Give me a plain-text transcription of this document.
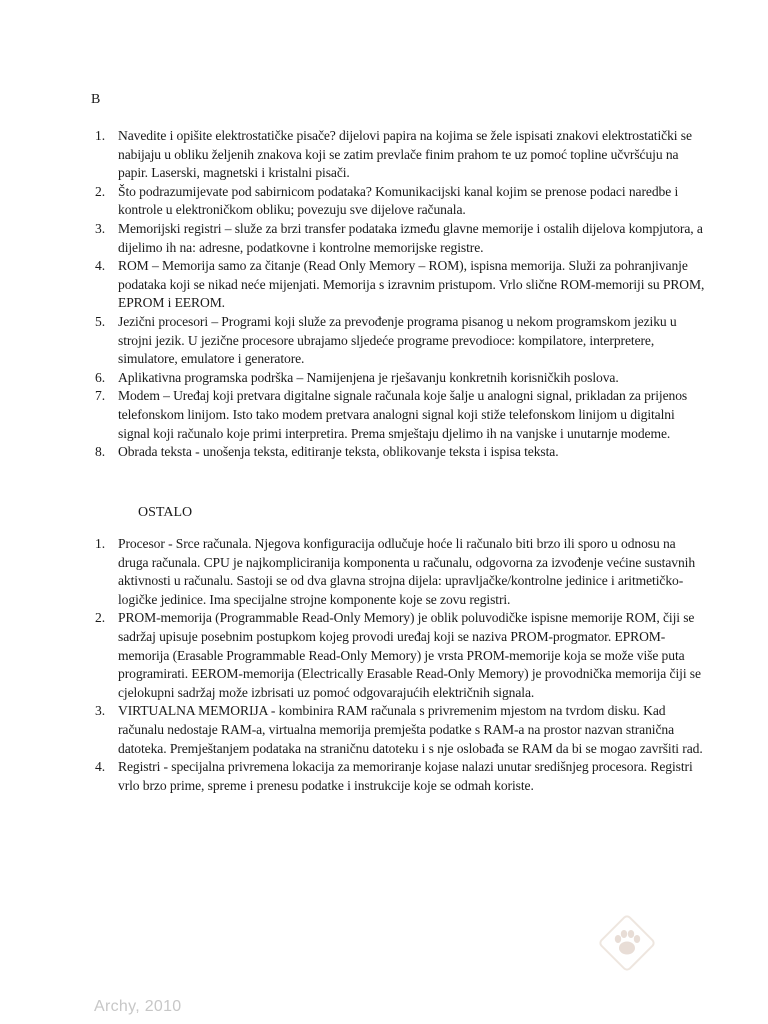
B
1. Navedite i opišite elektrostatičke pisače? dijelovi papira na kojima se žele ispisati znakovi elektrostatički se nabijaju u obliku željenih znakova koji se zatim prevlače finim prahom te uz pomoć topline učvršćuju na papir. Laserski, magnetski i kristalni pisači.
2. Što podrazumijevate pod sabirnicom podataka? Komunikacijski kanal kojim se prenose podaci naredbe i kontrole u elektroničkom obliku; povezuju sve dijelove računala.
3. Memorijski registri – služe za brzi transfer podataka između glavne memorije i ostalih dijelova kompjutora, a dijelimo ih na: adresne, podatkovne i kontrolne memorijske registre.
4. ROM – Memorija samo za čitanje (Read Only Memory – ROM), ispisna memorija. Služi za pohranjivanje podataka koji se nikad neće mijenjati. Memorija s izravnim pristupom. Vrlo slične ROM-memoriji su PROM, EPROM i EEROM.
5. Jezični procesori – Programi koji služe za prevođenje programa pisanog u nekom programskom jeziku u strojni jezik. U jezične procesore ubrajamo sljedeće programe prevodioce: kompilatore, interpretere, simulatore, emulatore i generatore.
6. Aplikativna programska podrška – Namijenjena je rješavanju konkretnih korisničkih poslova.
7. Modem – Uređaj koji pretvara digitalne signale računala koje šalje u analogni signal, prikladan za prijenos telefonskom linijom. Isto tako modem pretvara analogni signal koji stiže telefonskom linijom u digitalni signal koji računalo koje primi interpretira. Prema smještaju djelimo ih na vanjske i unutarnje modeme.
8. Obrada teksta - unošenja teksta, editiranje teksta, oblikovanje teksta i ispisa teksta.
OSTALO
1. Procesor - Srce računala. Njegova konfiguracija odlučuje hoće li računalo biti brzo ili sporo u odnosu na druga računala. CPU je najkompliciranija komponenta u računalu, odgovorna za izvođenje većine sustavnih aktivnosti u računalu. Sastoji se od dva glavna strojna dijela: upravljačke/kontrolne jedinice i aritmetičko-logičke jedinice. Ima specijalne strojne komponente koje se zovu registri.
2. PROM-memorija (Programmable Read-Only Memory) je oblik poluvodičke ispisne memorije ROM, čiji se sadržaj upisuje posebnim postupkom kojeg provodi uređaj koji se naziva PROM-progmator. EPROM-memorija (Erasable Programmable Read-Only Memory) je vrsta PROM-memorije koja se može više puta programirati. EEROM-memorija (Electrically Erasable Read-Only Memory) je provodnička memorija čiji se cjelokupni sadržaj može izbrisati uz pomoć odgovarajućih električnih signala.
3. VIRTUALNA MEMORIJA - kombinira RAM računala s privremenim mjestom na tvrdom disku. Kad računalu nedostaje RAM-a, virtualna memorija premješta podatke s RAM-a na prostor nazvan stranična datoteka. Premještanjem podataka na straničnu datoteku i s nje oslobađa se RAM da bi se mogao završiti rad.
4. Registri - specijalna privremena lokacija za memoriranje kojase nalazi unutar središnjeg procesora. Registri vrlo brzo prime, spreme i prenesu podatke i instrukcije koje se odmah koriste.
Archy, 2010
